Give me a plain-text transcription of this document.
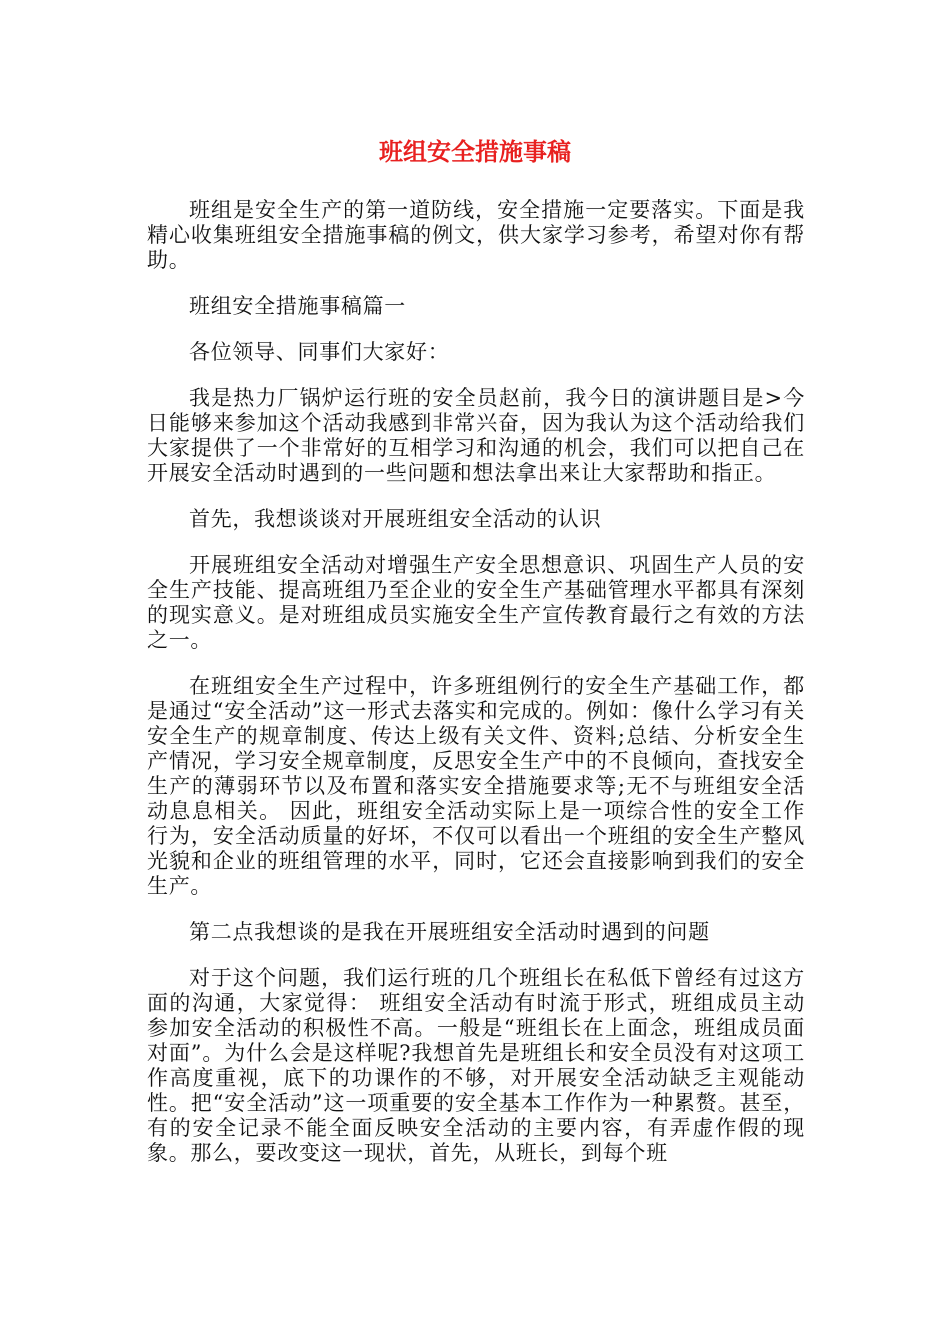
班组安全措施事稿

班组是安全生产的第一道防线，安全措施一定要落实。下面是我精心收集班组安全措施事稿的例文，供大家学习参考，希望对你有帮助。

班组安全措施事稿篇一

各位领导、同事们大家好：

我是热力厂锅炉运行班的安全员赵前，我今日的演讲题目是>今日能够来参加这个活动我感到非常兴奋，因为我认为这个活动给我们大家提供了一个非常好的互相学习和沟通的机会，我们可以把自己在开展安全活动时遇到的一些问题和想法拿出来让大家帮助和指正。

首先，我想谈谈对开展班组安全活动的认识

开展班组安全活动对增强生产安全思想意识、巩固生产人员的安全生产技能、提高班组乃至企业的安全生产基础管理水平都具有深刻的现实意义。是对班组成员实施安全生产宣传教育最行之有效的方法之一。

在班组安全生产过程中，许多班组例行的安全生产基础工作，都是通过“安全活动”这一形式去落实和完成的。例如：像什么学习有关安全生产的规章制度、传达上级有关文件、资料;总结、分析安全生产情况，学习安全规章制度，反思安全生产中的不良倾向，查找安全生产的薄弱环节以及布置和落实安全措施要求等;无不与班组安全活动息息相关。 因此，班组安全活动实际上是一项综合性的安全工作行为，安全活动质量的好坏，不仅可以看出一个班组的安全生产整风光貌和企业的班组管理的水平，同时，它还会直接影响到我们的安全生产。

第二点我想谈的是我在开展班组安全活动时遇到的问题

对于这个问题，我们运行班的几个班组长在私低下曾经有过这方面的沟通，大家觉得： 班组安全活动有时流于形式，班组成员主动参加安全活动的积极性不高。一般是“班组长在上面念，班组成员面对面”。为什么会是这样呢?我想首先是班组长和安全员没有对这项工作高度重视，底下的功课作的不够，对开展安全活动缺乏主观能动性。把“安全活动”这一项重要的安全基本工作作为一种累赘。甚至，有的安全记录不能全面反映安全活动的主要内容，有弄虚作假的现象。那么，要改变这一现状，首先，从班长，到每个班
